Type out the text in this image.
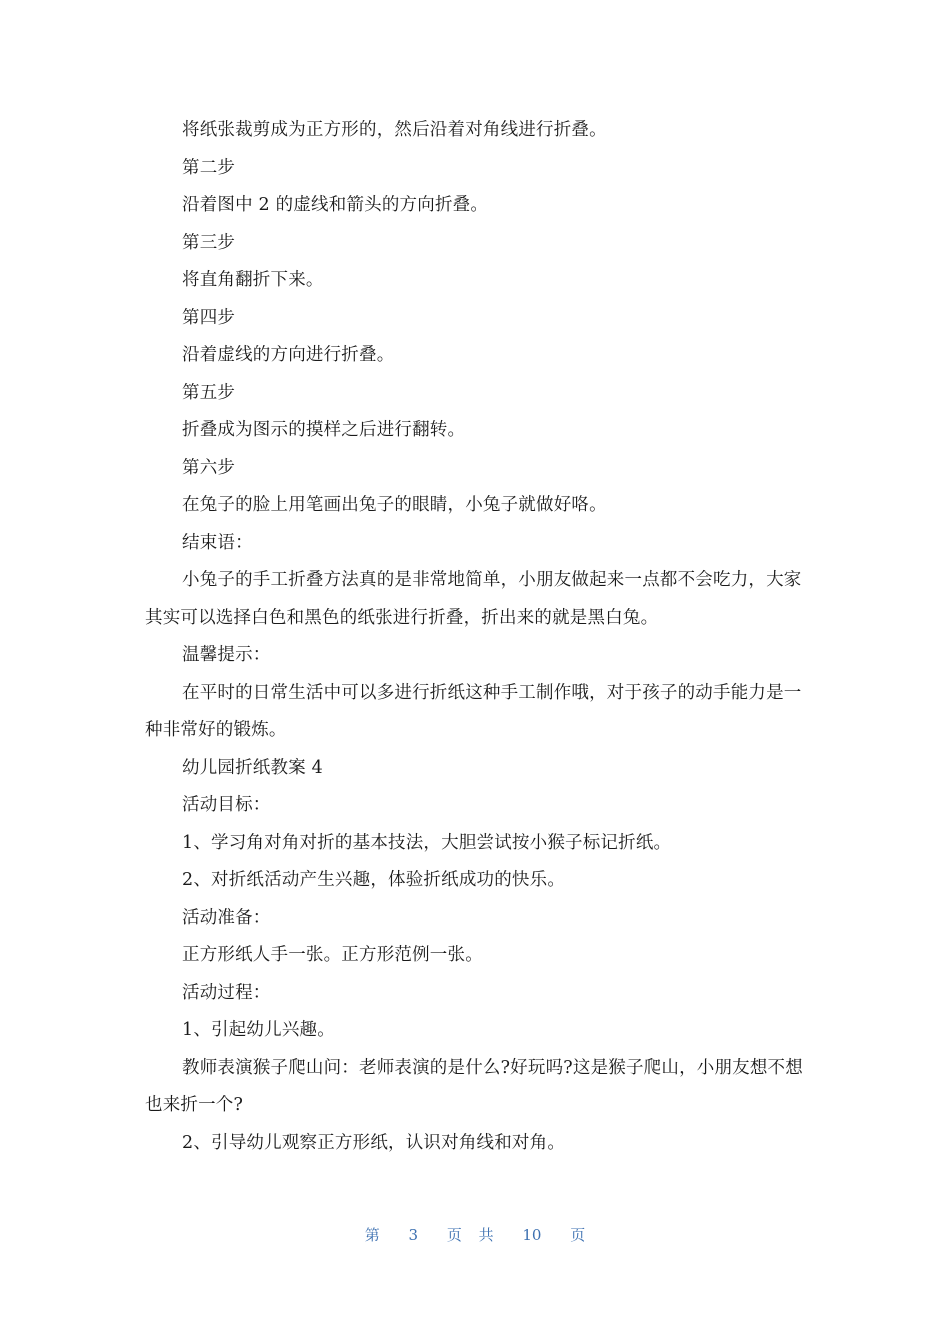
将纸张裁剪成为正方形的，然后沿着对角线进行折叠。

第二步

沿着图中 2 的虚线和箭头的方向折叠。

第三步

将直角翻折下来。

第四步

沿着虚线的方向进行折叠。

第五步

折叠成为图示的摸样之后进行翻转。

第六步

在兔子的脸上用笔画出兔子的眼睛，小兔子就做好咯。

结束语：

小兔子的手工折叠方法真的是非常地简单，小朋友做起来一点都不会吃力，大家其实可以选择白色和黑色的纸张进行折叠，折出来的就是黑白兔。

温馨提示：

在平时的日常生活中可以多进行折纸这种手工制作哦，对于孩子的动手能力是一种非常好的锻炼。

幼儿园折纸教案 4

活动目标：

1、学习角对角对折的基本技法，大胆尝试按小猴子标记折纸。

2、对折纸活动产生兴趣，体验折纸成功的快乐。

活动准备：

正方形纸人手一张。正方形范例一张。

活动过程：

1、引起幼儿兴趣。

教师表演猴子爬山问：老师表演的是什么?好玩吗?这是猴子爬山，小朋友想不想也来折一个?

2、引导幼儿观察正方形纸，认识对角线和对角。

第 3 页 共 10 页
